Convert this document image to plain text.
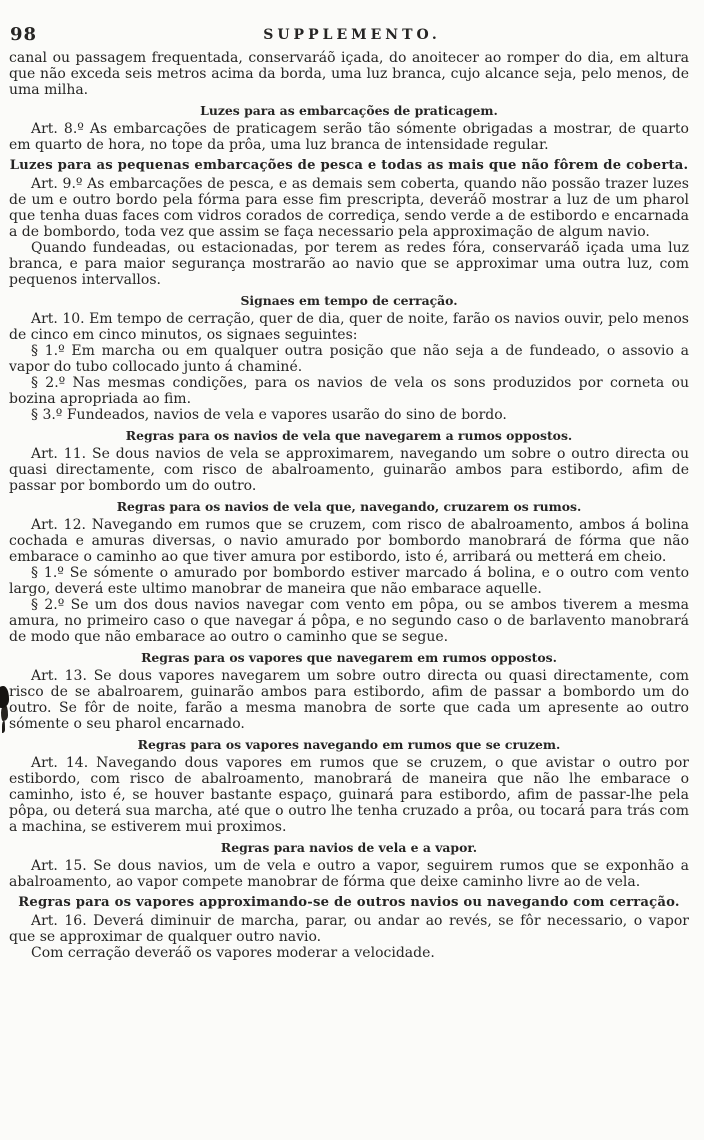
98	SUPPLEMENTO.

canal ou passagem frequentada, conservaráõ içada, do anoitecer ao romper do dia, em altura que não exceda seis metros acima da borda, uma luz branca, cujo alcance seja, pelo menos, de uma milha.

Luzes para as embarcações de praticagem.

Art. 8.º As embarcações de praticagem serão tão sómente obrigadas a mostrar, de quarto em quarto de hora, no tope da prôa, uma luz branca de intensidade regular.

Luzes para as pequenas embarcações de pesca e todas as mais que não fôrem de coberta.

Art. 9.º As embarcações de pesca, e as demais sem coberta, quando não possão trazer luzes de um e outro bordo pela fórma para esse fim prescripta, deveráõ mostrar a luz de um pharol que tenha duas faces com vidros corados de corrediça, sendo verde a de estibordo e encarnada a de bombordo, toda vez que assim se faça necessario pela approximação de algum navio.

Quando fundeadas, ou estacionadas, por terem as redes fóra, conservaráõ içada uma luz branca, e para maior segurança mostrarão ao navio que se approximar uma outra luz, com pequenos intervallos.

Signaes em tempo de cerração.

Art. 10. Em tempo de cerração, quer de dia, quer de noite, farão os navios ouvir, pelo menos de cinco em cinco minutos, os signaes seguintes:

§ 1.º Em marcha ou em qualquer outra posição que não seja a de fundeado, o assovio a vapor do tubo collocado junto á chaminé.

§ 2.º Nas mesmas condições, para os navios de vela os sons produzidos por corneta ou bozina apropriada ao fim.

§ 3.º Fundeados, navios de vela e vapores usarão do sino de bordo.

Regras para os navios de vela que navegarem a rumos oppostos.

Art. 11. Se dous navios de vela se approximarem, navegando um sobre o outro directa ou quasi directamente, com risco de abalroamento, guinarão ambos para estibordo, afim de passar por bombordo um do outro.

Regras para os navios de vela que, navegando, cruzarem os rumos.

Art. 12. Navegando em rumos que se cruzem, com risco de abalroamento, ambos á bolina cochada e amuras diversas, o navio amurado por bombordo manobrará de fórma que não embarace o caminho ao que tiver amura por estibordo, isto é, arribará ou metterá em cheio.

§ 1.º Se sómente o amurado por bombordo estiver marcado á bolina, e o outro com vento largo, deverá este ultimo manobrar de maneira que não embarace aquelle.

§ 2.º Se um dos dous navios navegar com vento em pôpa, ou se ambos tiverem a mesma amura, no primeiro caso o que navegar á pôpa, e no segundo caso o de barlavento manobrará de modo que não embarace ao outro o caminho que se segue.

Regras para os vapores que navegarem em rumos oppostos.

Art. 13. Se dous vapores navegarem um sobre outro directa ou quasi directamente, com risco de se abalroarem, guinarão ambos para estibordo, afim de passar a bombordo um do outro. Se fôr de noite, farão a mesma manobra de sorte que cada um apresente ao outro sómente o seu pharol encarnado.

Regras para os vapores navegando em rumos que se cruzem.

Art. 14. Navegando dous vapores em rumos que se cruzem, o que avistar o outro por estibordo, com risco de abalroamento, manobrará de maneira que não lhe embarace o caminho, isto é, se houver bastante espaço, guinará para estibordo, afim de passar-lhe pela pôpa, ou deterá sua marcha, até que o outro lhe tenha cruzado a prôa, ou tocará para trás com a machina, se estiverem mui proximos.

Regras para navios de vela e a vapor.

Art. 15. Se dous navios, um de vela e outro a vapor, seguirem rumos que se exponhão a abalroamento, ao vapor compete manobrar de fórma que deixe caminho livre ao de vela.

Regras para os vapores approximando-se de outros navios ou navegando com cerração.

Art. 16. Deverá diminuir de marcha, parar, ou andar ao revés, se fôr necessario, o vapor que se approximar de qualquer outro navio.

Com cerração deveráõ os vapores moderar a velocidade.
